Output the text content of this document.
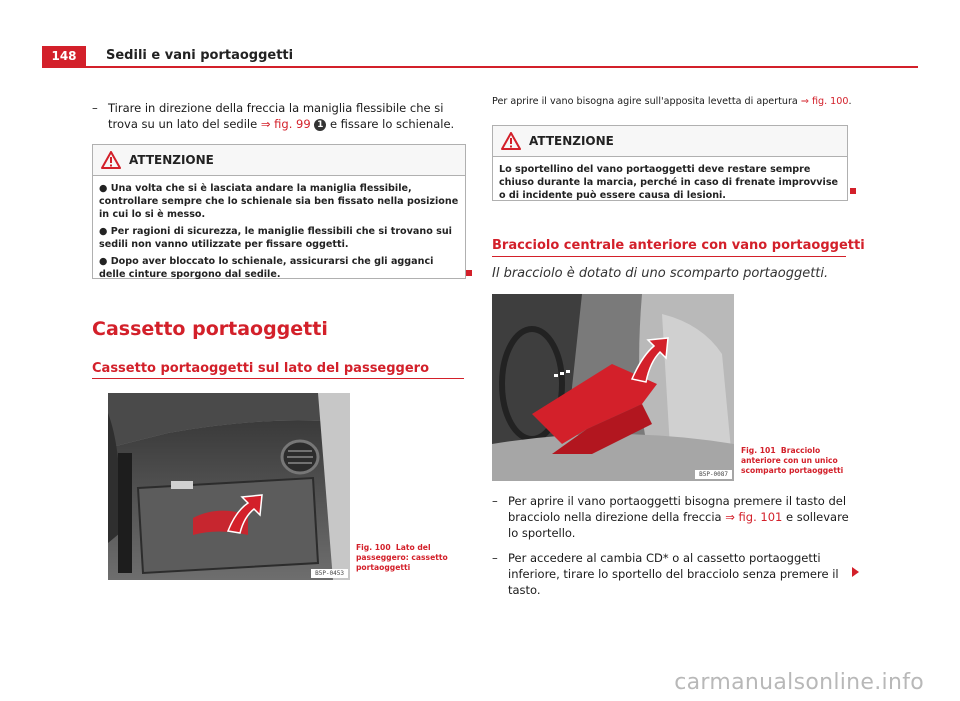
148	Sedili e vani portaoggetti
– Tirare in direzione della freccia la maniglia flessibile che si trova su un lato del sedile ⇒ fig. 99 1 e fissare lo schienale.
ATTENZIONE

● Una volta che si è lasciata andare la maniglia flessibile, controllare sempre che lo schienale sia ben fissato nella posizione in cui lo si è messo.

● Per ragioni di sicurezza, le maniglie flessibili che si trovano sui sedili non vanno utilizzate per fissare oggetti.

● Dopo aver bloccato lo schienale, assicurarsi che gli agganci delle cinture sporgono dal sedile.

Cassetto portaoggetti
Cassetto portaoggetti sul lato del passeggero
B5P-0453
Fig. 100 Lato del passeggero: cassetto portaoggetti
Per aprire il vano bisogna agire sull'apposita levetta di apertura ⇒ fig. 100.
ATTENZIONE

Lo sportellino del vano portaoggetti deve restare sempre chiuso durante la marcia, perché in caso di frenate improvvise o di incidente può essere causa di lesioni.

Bracciolo centrale anteriore con vano portaoggetti
Il bracciolo è dotato di uno scomparto portaoggetti.
B5P-0087
Fig. 101 Bracciolo anteriore con un unico scomparto portaoggetti
– Per aprire il vano portaoggetti bisogna premere il tasto del bracciolo nella direzione della freccia ⇒ fig. 101 e sollevare lo sportello.
– Per accedere al cambia CD* o al cassetto portaoggetti inferiore, tirare lo sportello del bracciolo senza premere il tasto.
carmanualsonline.info
